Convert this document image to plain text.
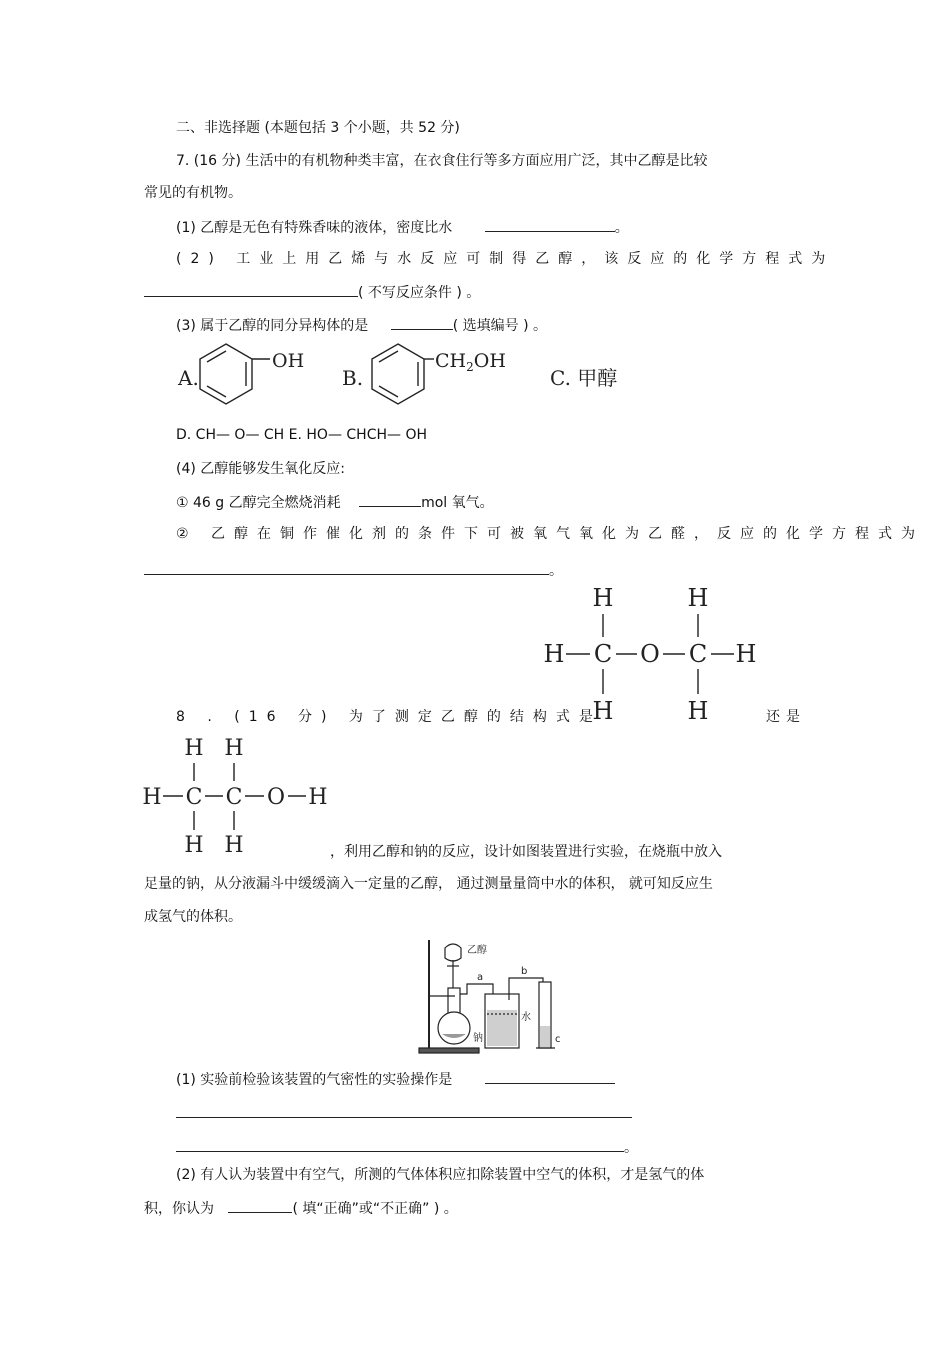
二、非选择题 (本题包括 3 个小题，共 52 分)
7. (16 分) 生活中的有机物种类丰富，在衣食住行等多方面应用广泛，其中乙醇是比较
常见的有机物。
(1) 乙醇是无色有特殊香味的液体，密度比水	。
(2) 工业上用乙烯与水反应可制得乙醇，该反应的化学方程式为
( 不写反应条件 ) 。
(3) 属于乙醇的同分异构体的是	( 选填编号 ) 。
A.
OH
B.
$CH_2OH$
C. 甲醇
D. CH— O— CH E. HO— CHCH— OH
(4) 乙醇能够发生氧化反应:
① 46 g 乙醇完全燃烧消耗	mol 氧气。
② 乙醇在铜作催化剂的条件下可被氧气氧化为乙醛，反应的化学方程式为
。
H	H
H C O C H
H	H
8 . (16 分) 为了测定乙醇的结构式是	还是
H H
H C C O H
H H	，利用乙醇和钠的反应，设计如图装置进行实验，在烧瓶中放入
足量的钠，从分液漏斗中缓缓滴入一定量的乙醇， 通过测量量筒中水的体积， 就可知反应生
成氢气的体积。
乙醇
a
b
钠
水
c
(1) 实验前检验该装置的气密性的实验操作是
。
(2) 有人认为装置中有空气，所测的气体体积应扣除装置中空气的体积，才是氢气的体
积，你认为	( 填“正确”或“不正确” ) 。
